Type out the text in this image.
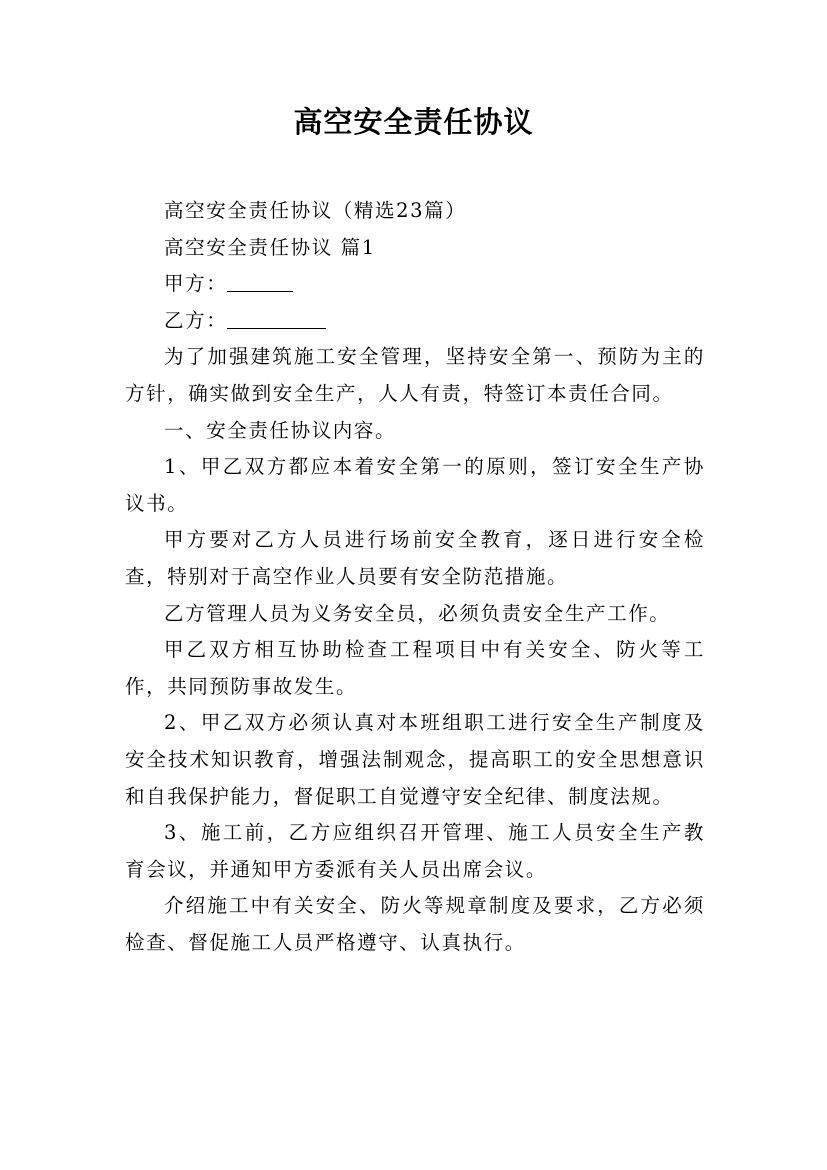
高空安全责任协议

高空安全责任协议（精选23篇）

高空安全责任协议 篇1

甲方：

乙方：

为了加强建筑施工安全管理，坚持安全第一、预防为主的方针，确实做到安全生产，人人有责，特签订本责任合同。

一、安全责任协议内容。

1、甲乙双方都应本着安全第一的原则，签订安全生产协议书。

甲方要对乙方人员进行场前安全教育，逐日进行安全检查，特别对于高空作业人员要有安全防范措施。

乙方管理人员为义务安全员，必须负责安全生产工作。

甲乙双方相互协助检查工程项目中有关安全、防火等工作，共同预防事故发生。

2、甲乙双方必须认真对本班组职工进行安全生产制度及安全技术知识教育，增强法制观念，提高职工的安全思想意识和自我保护能力，督促职工自觉遵守安全纪律、制度法规。

3、施工前，乙方应组织召开管理、施工人员安全生产教育会议，并通知甲方委派有关人员出席会议。

介绍施工中有关安全、防火等规章制度及要求，乙方必须检查、督促施工人员严格遵守、认真执行。
